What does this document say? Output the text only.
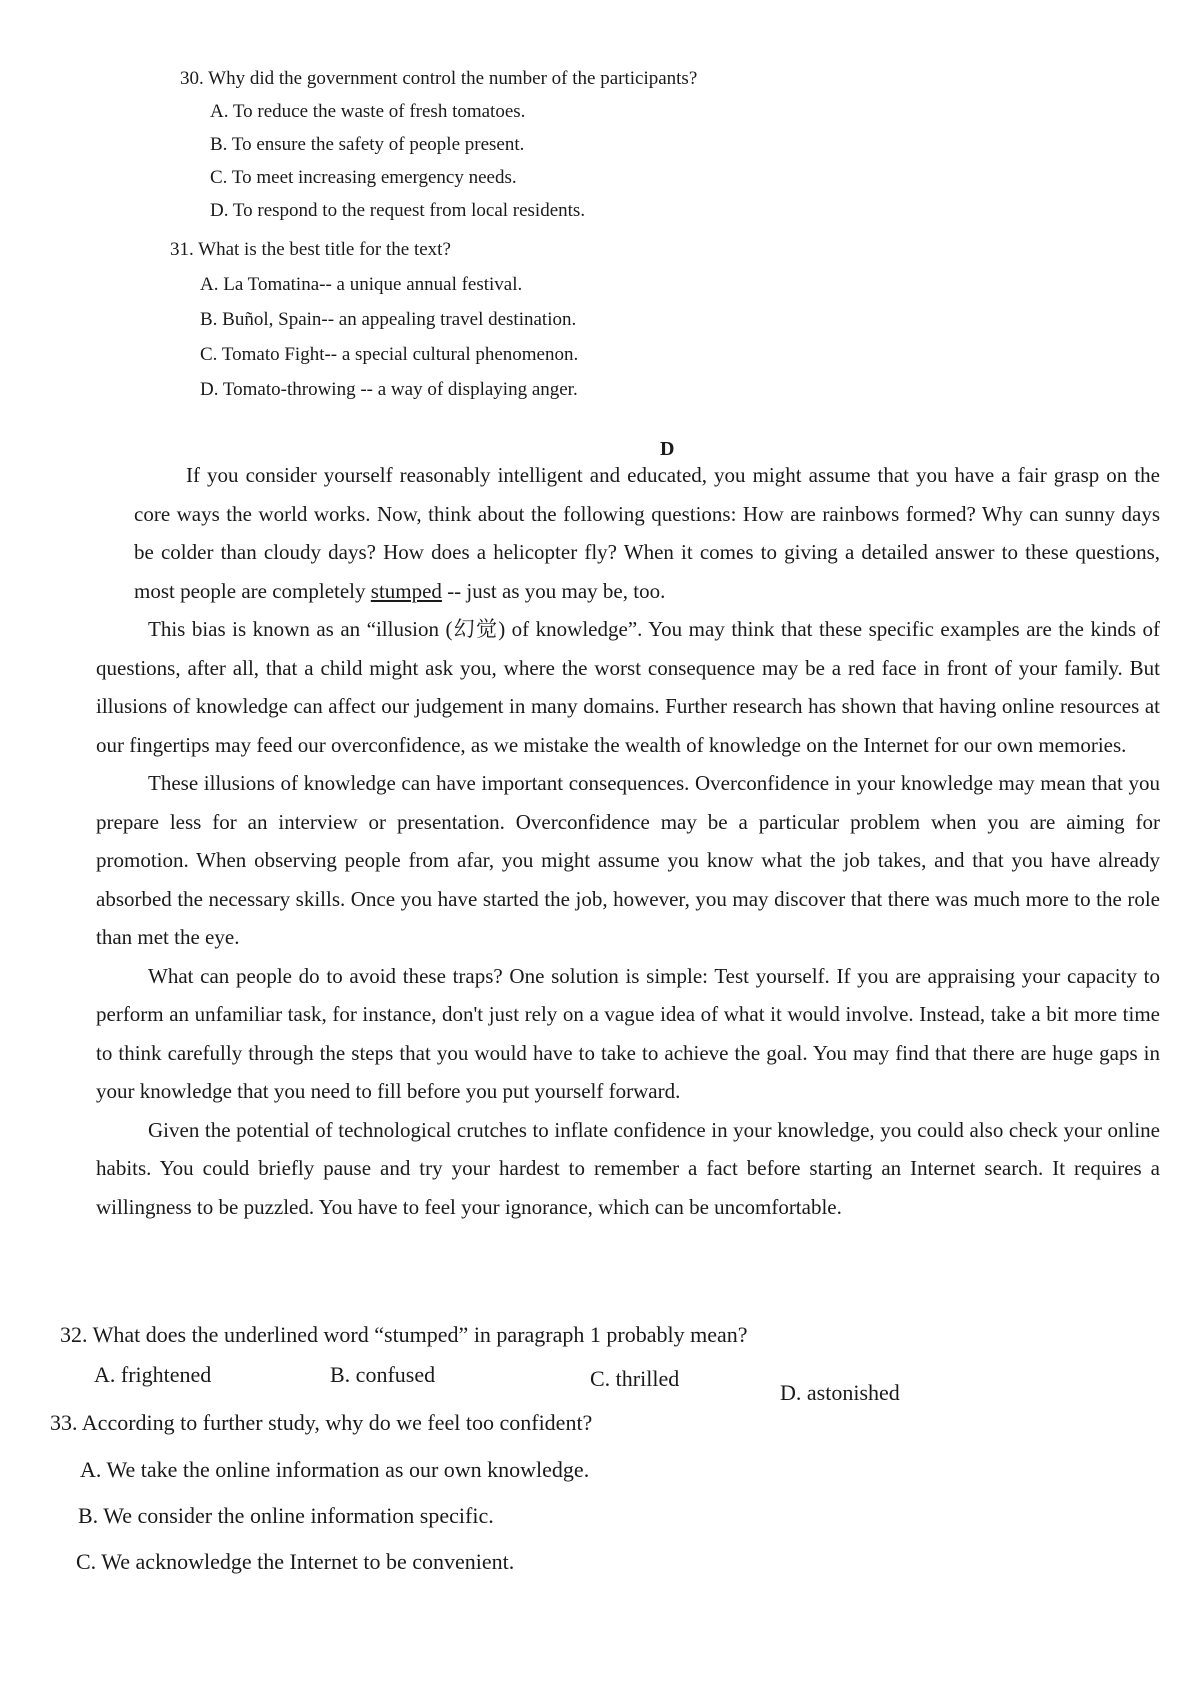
30. Why did the government control the number of the participants?
A. To reduce the waste of fresh tomatoes.
B. To ensure the safety of people present.
C. To meet increasing emergency needs.
D. To respond to the request from local residents.
31. What is the best title for the text?
A. La Tomatina-- a unique annual festival.
B. Buñol, Spain-- an appealing travel destination.
C. Tomato Fight-- a special cultural phenomenon.
D. Tomato-throwing -- a way of displaying anger.
D

If you consider yourself reasonably intelligent and educated, you might assume that you have a fair grasp on the core ways the world works. Now, think about the following questions: How are rainbows formed? Why can sunny days be colder than cloudy days? How does a helicopter fly? When it comes to giving a detailed answer to these questions, most people are completely stumped -- just as you may be, too.

This bias is known as an “illusion (幻觉) of knowledge”. You may think that these specific examples are the kinds of questions, after all, that a child might ask you, where the worst consequence may be a red face in front of your family. But illusions of knowledge can affect our judgement in many domains. Further research has shown that having online resources at our fingertips may feed our overconfidence, as we mistake the wealth of knowledge on the Internet for our own memories.

These illusions of knowledge can have important consequences. Overconfidence in your knowledge may mean that you prepare less for an interview or presentation. Overconfidence may be a particular problem when you are aiming for promotion. When observing people from afar, you might assume you know what the job takes, and that you have already absorbed the necessary skills. Once you have started the job, however, you may discover that there was much more to the role than met the eye.

What can people do to avoid these traps? One solution is simple: Test yourself. If you are appraising your capacity to perform an unfamiliar task, for instance, don't just rely on a vague idea of what it would involve. Instead, take a bit more time to think carefully through the steps that you would have to take to achieve the goal. You may find that there are huge gaps in your knowledge that you need to fill before you put yourself forward.

Given the potential of technological crutches to inflate confidence in your knowledge, you could also check your online habits. You could briefly pause and try your hardest to remember a fact before starting an Internet search. It requires a willingness to be puzzled. You have to feel your ignorance, which can be uncomfortable.

32. What does the underlined word “stumped” in paragraph 1 probably mean?
A. frightened	B. confused	C. thrilled
D. astonished
33. According to further study, why do we feel too confident?
A. We take the online information as our own knowledge.
B. We consider the online information specific.
C. We acknowledge the Internet to be convenient.
